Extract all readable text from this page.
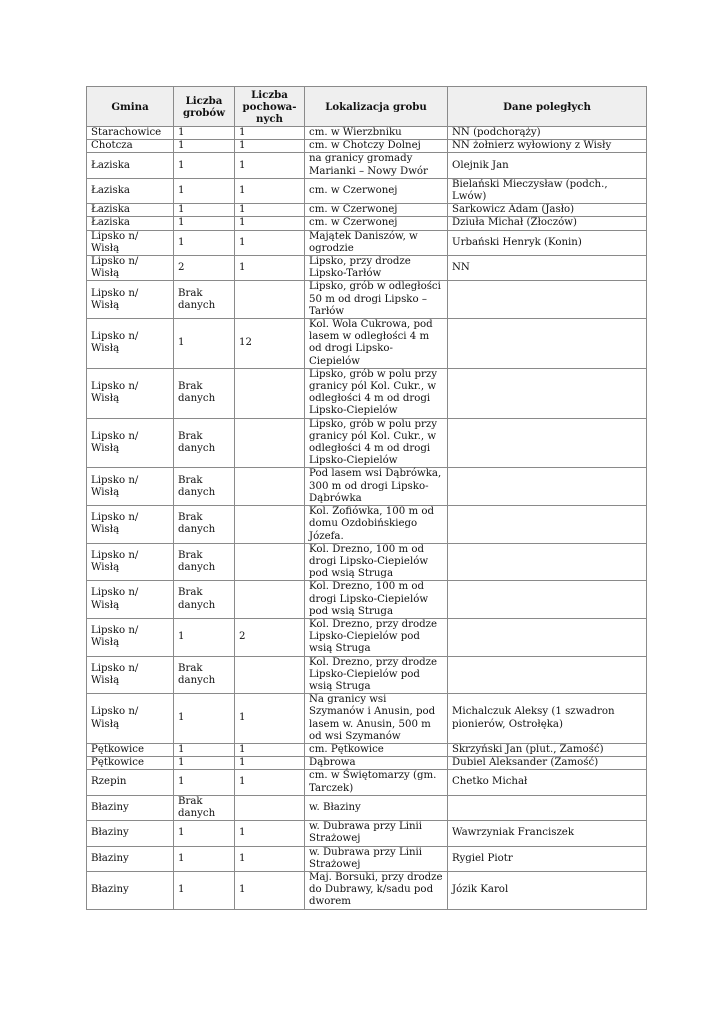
Gmina	Liczba grobów	Liczba pochowa-nych	Lokalizacja grobu	Dane poległych
Starachowice	1	1	cm. w Wierzbniku	NN (podchorąży)
Chotcza	1	1	cm. w Chotczy Dolnej	NN żołnierz wyłowiony z Wisły
Łaziska	1	1	na granicy gromady Marianki – Nowy Dwór	Olejnik Jan
Łaziska	1	1	cm. w Czerwonej	Bielański Mieczysław (podch., Lwów)
Łaziska	1	1	cm. w Czerwonej	Sarkowicz Adam (Jasło)
Łaziska	1	1	cm. w Czerwonej	Dziuła Michał (Złoczów)
Lipsko n/ Wisłą	1	1	Majątek Daniszów, w ogrodzie	Urbański Henryk (Konin)
Lipsko n/ Wisłą	2	1	Lipsko, przy drodze Lipsko-Tarłów	NN
Lipsko n/ Wisłą	Brak danych		Lipsko, grób w odległości 50 m od drogi Lipsko – Tarłów	
Lipsko n/ Wisłą	1	12	Kol. Wola Cukrowa, pod lasem w odległości 4 m od drogi Lipsko-Ciepielów	
Lipsko n/ Wisłą	Brak danych		Lipsko, grób w polu przy granicy pól Kol. Cukr., w odległości 4 m od drogi Lipsko-Ciepielów	
Lipsko n/ Wisłą	Brak danych		Lipsko, grób w polu przy granicy pól Kol. Cukr., w odległości 4 m od drogi Lipsko-Ciepielów	
Lipsko n/ Wisłą	Brak danych		Pod lasem wsi Dąbrówka, 300 m od drogi Lipsko-Dąbrówka	
Lipsko n/ Wisłą	Brak danych		Kol. Zofiówka, 100 m od domu Ozdobińskiego Józefa.	
Lipsko n/ Wisłą	Brak danych		Kol. Drezno, 100 m od drogi Lipsko-Ciepielów pod wsią Struga	
Lipsko n/ Wisłą	Brak danych		Kol. Drezno, 100 m od drogi Lipsko-Ciepielów pod wsią Struga	
Lipsko n/ Wisłą	1	2	Kol. Drezno, przy drodze Lipsko-Ciepielów pod wsią Struga	
Lipsko n/ Wisłą	Brak danych		Kol. Drezno, przy drodze Lipsko-Ciepielów pod wsią Struga	
Lipsko n/ Wisłą	1	1	Na granicy wsi Szymanów i Anusin, pod lasem w. Anusin, 500 m od wsi Szymanów	Michalczuk Aleksy (1 szwadron pionierów, Ostrołęka)
Pętkowice	1	1	cm. Pętkowice	Skrzyński Jan (plut., Zamość)
Pętkowice	1	1	Dąbrowa	Dubiel Aleksander (Zamość)
Rzepin	1	1	cm. w Świętomarzy (gm. Tarczek)	Chetko Michał
Błaziny	Brak danych		w. Błaziny	
Błaziny	1	1	w. Dubrawa przy Linii Strażowej	Wawrzyniak Franciszek
Błaziny	1	1	w. Dubrawa przy Linii Strażowej	Rygiel Piotr
Błaziny	1	1	Maj. Borsuki, przy drodze do Dubrawy, k/sadu pod dworem	Józik Karol
